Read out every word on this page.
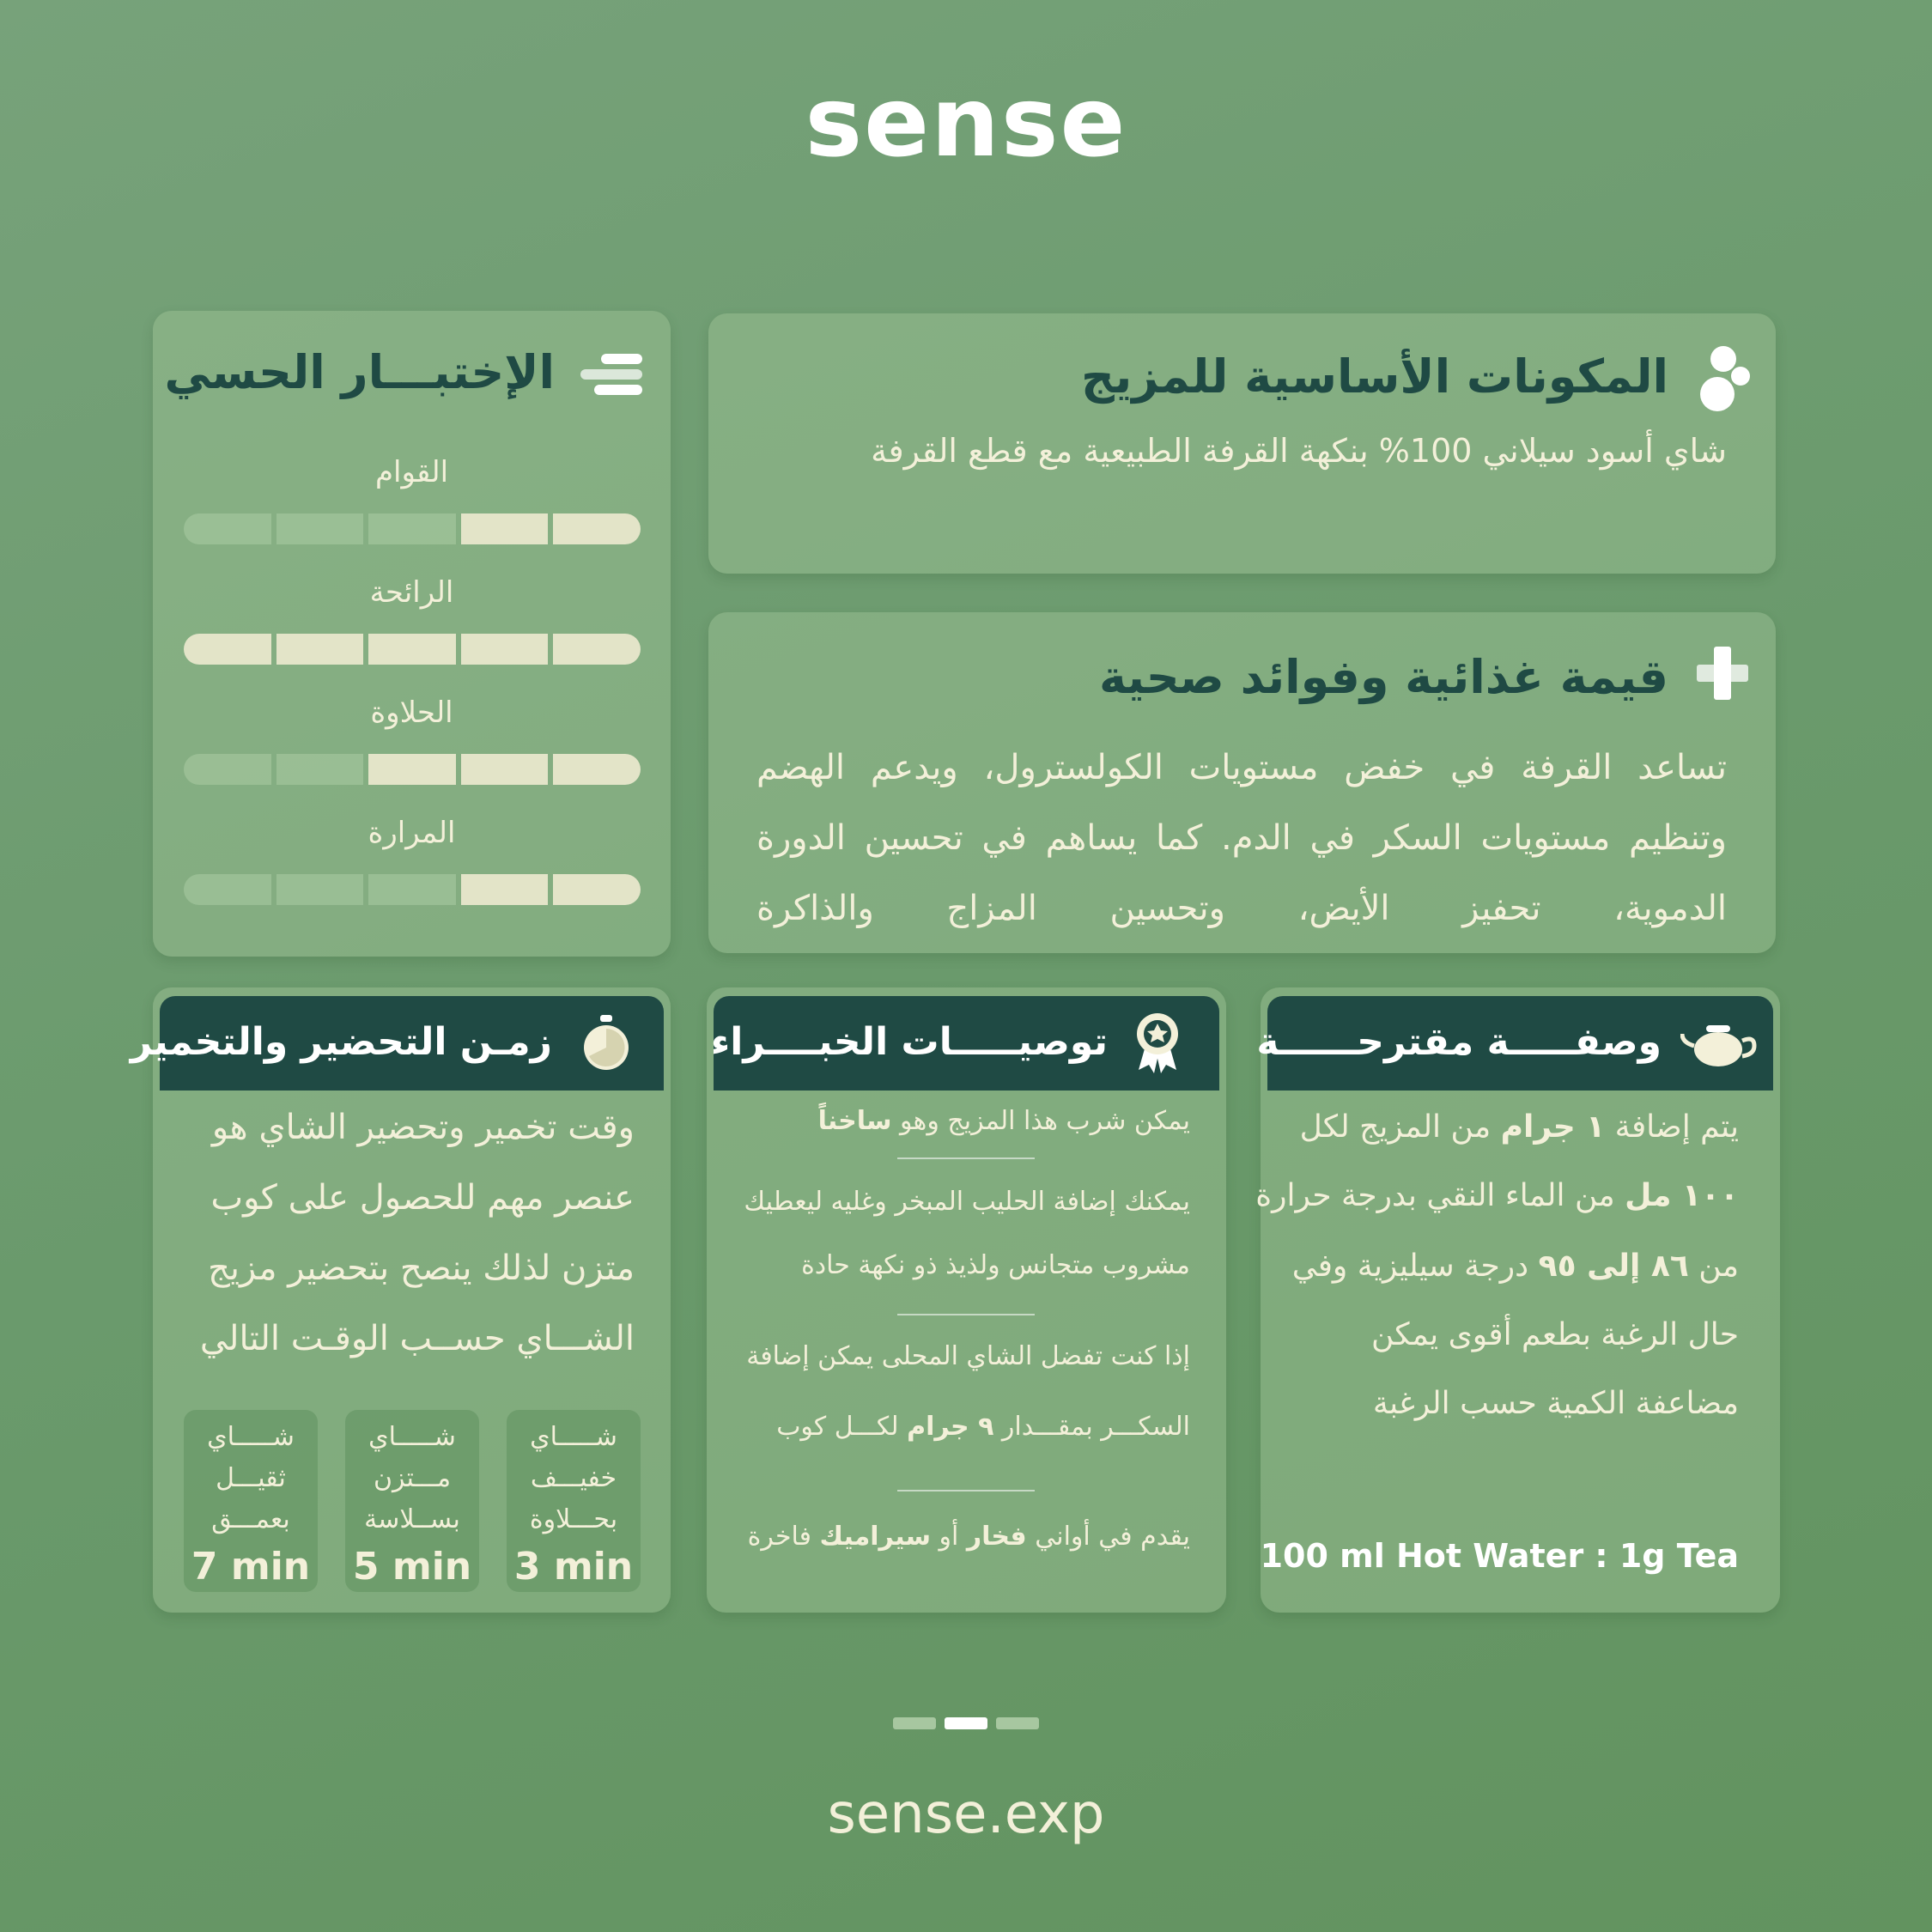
sense
المكونات الأساسية للمزيج
شاي أسود سيلاني 100% بنكهة القرفة الطبيعية مع قطع القرفة
قيمة غذائية وفوائد صحية
تساعد القرفة في خفض مستويات الكولسترول، ويدعم الهضم وتنظيم مستويات السكر في الدم. كما يساهم في تحسين الدورة الدموية، تحفيز الأيض، وتحسين المزاج والذاكرة
الإختبـــار الحسي
القوام
الرائحة
الحلاوة
المرارة
وصفـــــة مقترحــــــة
يتم إضافة ١ جرام من المزيج لكل
١٠٠ مل من الماء النقي بدرجة حرارة
من ٨٦ إلى ٩٥ درجة سيليزية وفي
حال الرغبة بطعم أقوى يمكن
مضاعفة الكمية حسب الرغبة
100 ml Hot Water : 1g Tea
توصيـــــات الخبــــراء
يمكن شرب هذا المزيج وهو ساخناً
يمكنك إضافة الحليب المبخر وغليه ليعطيك
مشروب متجانس ولذيذ ذو نكهة حادة
إذا كنت تفضل الشاي المحلى يمكن إضافة
السكـــر بمقـــدار ٩ جرام لكـــل كوب
يقدم في أواني فخار أو سيراميك فاخرة
زمـن التحضير والتخمير
وقت تخمير وتحضير الشاي هو
عنصر مهم للحصول على كوب
متزن لذلك ينصح بتحضير مزيج
الشـــاي حســب الوقـت التالي
شـــــاي خفيـــف بحـــلاوة
3 min
شـــــاي مـــتزن بســلاسة
5 min
شـــــاي ثقيـــل بعمـــق
7 min
sense.exp
